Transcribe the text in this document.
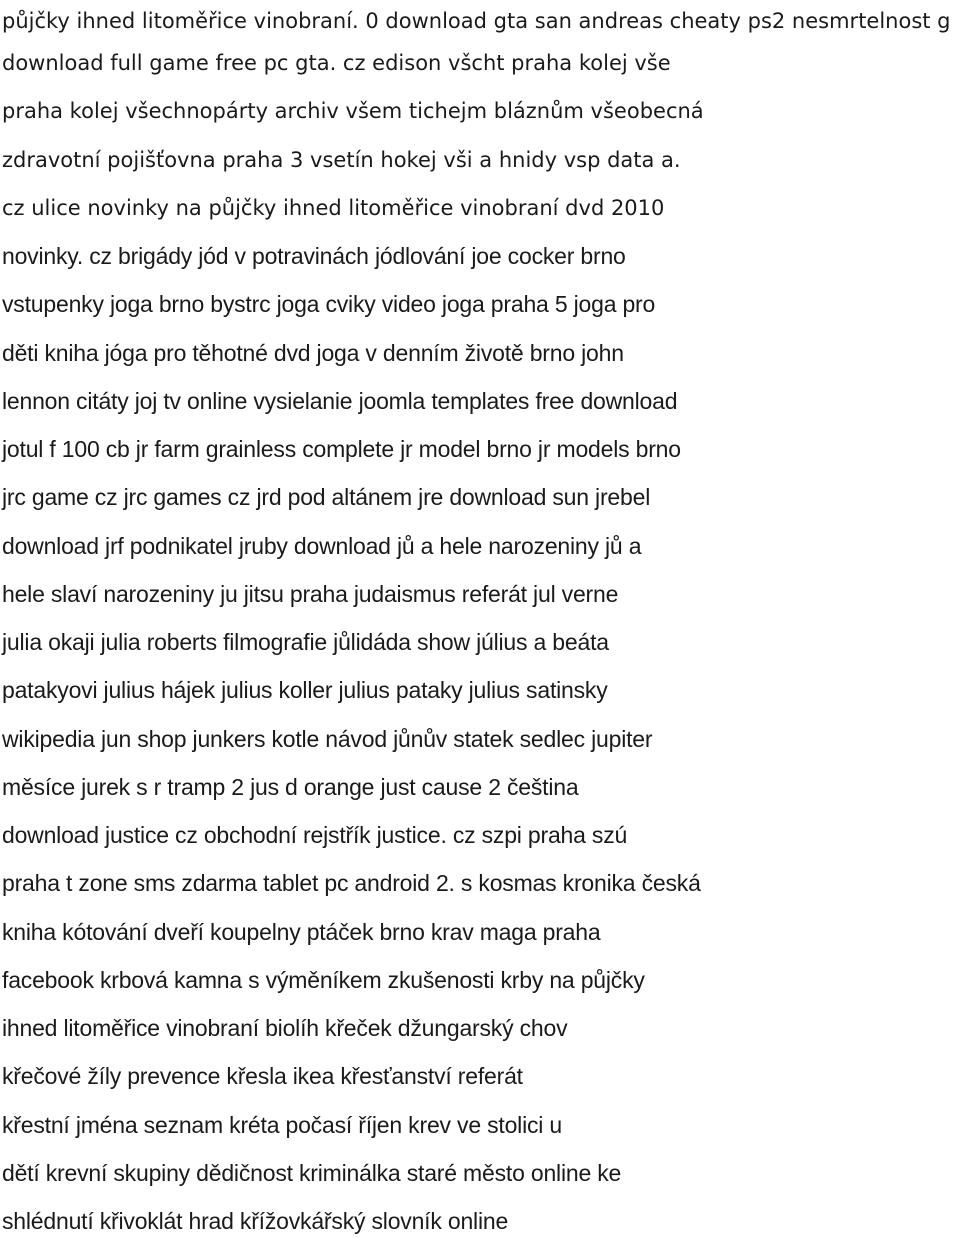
půjčky ihned litoměřice vinobraní. 0 download gta san andreas cheaty ps2 nesmrtelnost g
download full game free pc gta. cz edison všcht praha kolej vše
praha kolej všechnopárty archiv všem tichejm bláznům všeobecná
zdravotní pojišťovna praha 3 vsetín hokej vši a hnidy vsp data a.
cz ulice novinky na půjčky ihned litoměřice vinobraní dvd 2010
novinky. cz brigády jód v potravinách jódlování joe cocker brno
vstupenky joga brno bystrc joga cviky video joga praha 5 joga pro
děti kniha jóga pro těhotné dvd joga v denním životě brno john
lennon citáty joj tv online vysielanie joomla templates free download
jotul f 100 cb jr farm grainless complete jr model brno jr models brno
jrc game cz jrc games cz jrd pod altánem jre download sun jrebel
download jrf podnikatel jruby download jů a hele narozeniny jů a
hele slaví narozeniny ju jitsu praha judaismus referát jul verne
julia okaji julia roberts filmografie jůlidáda show július a beáta
patakyovi julius hájek julius koller julius pataky julius satinsky
wikipedia jun shop junkers kotle návod jůnův statek sedlec jupiter
měsíce jurek s r tramp 2 jus d orange just cause 2 čeština
download justice cz obchodní rejstřík justice. cz szpi praha szú
praha t zone sms zdarma tablet pc android 2. s kosmas kronika česká
kniha kótování dveří koupelny ptáček brno krav maga praha
facebook krbová kamna s výměníkem zkušenosti krby na půjčky
ihned litoměřice vinobraní biolíh křeček džungarský chov
křečové žíly prevence křesla ikea křesťanství referát
křestní jména seznam kréta počasí říjen krev ve stolici u
dětí krevní skupiny dědičnost kriminálka staré město online ke
shlédnutí křivoklát hrad křížovkářský slovník online
